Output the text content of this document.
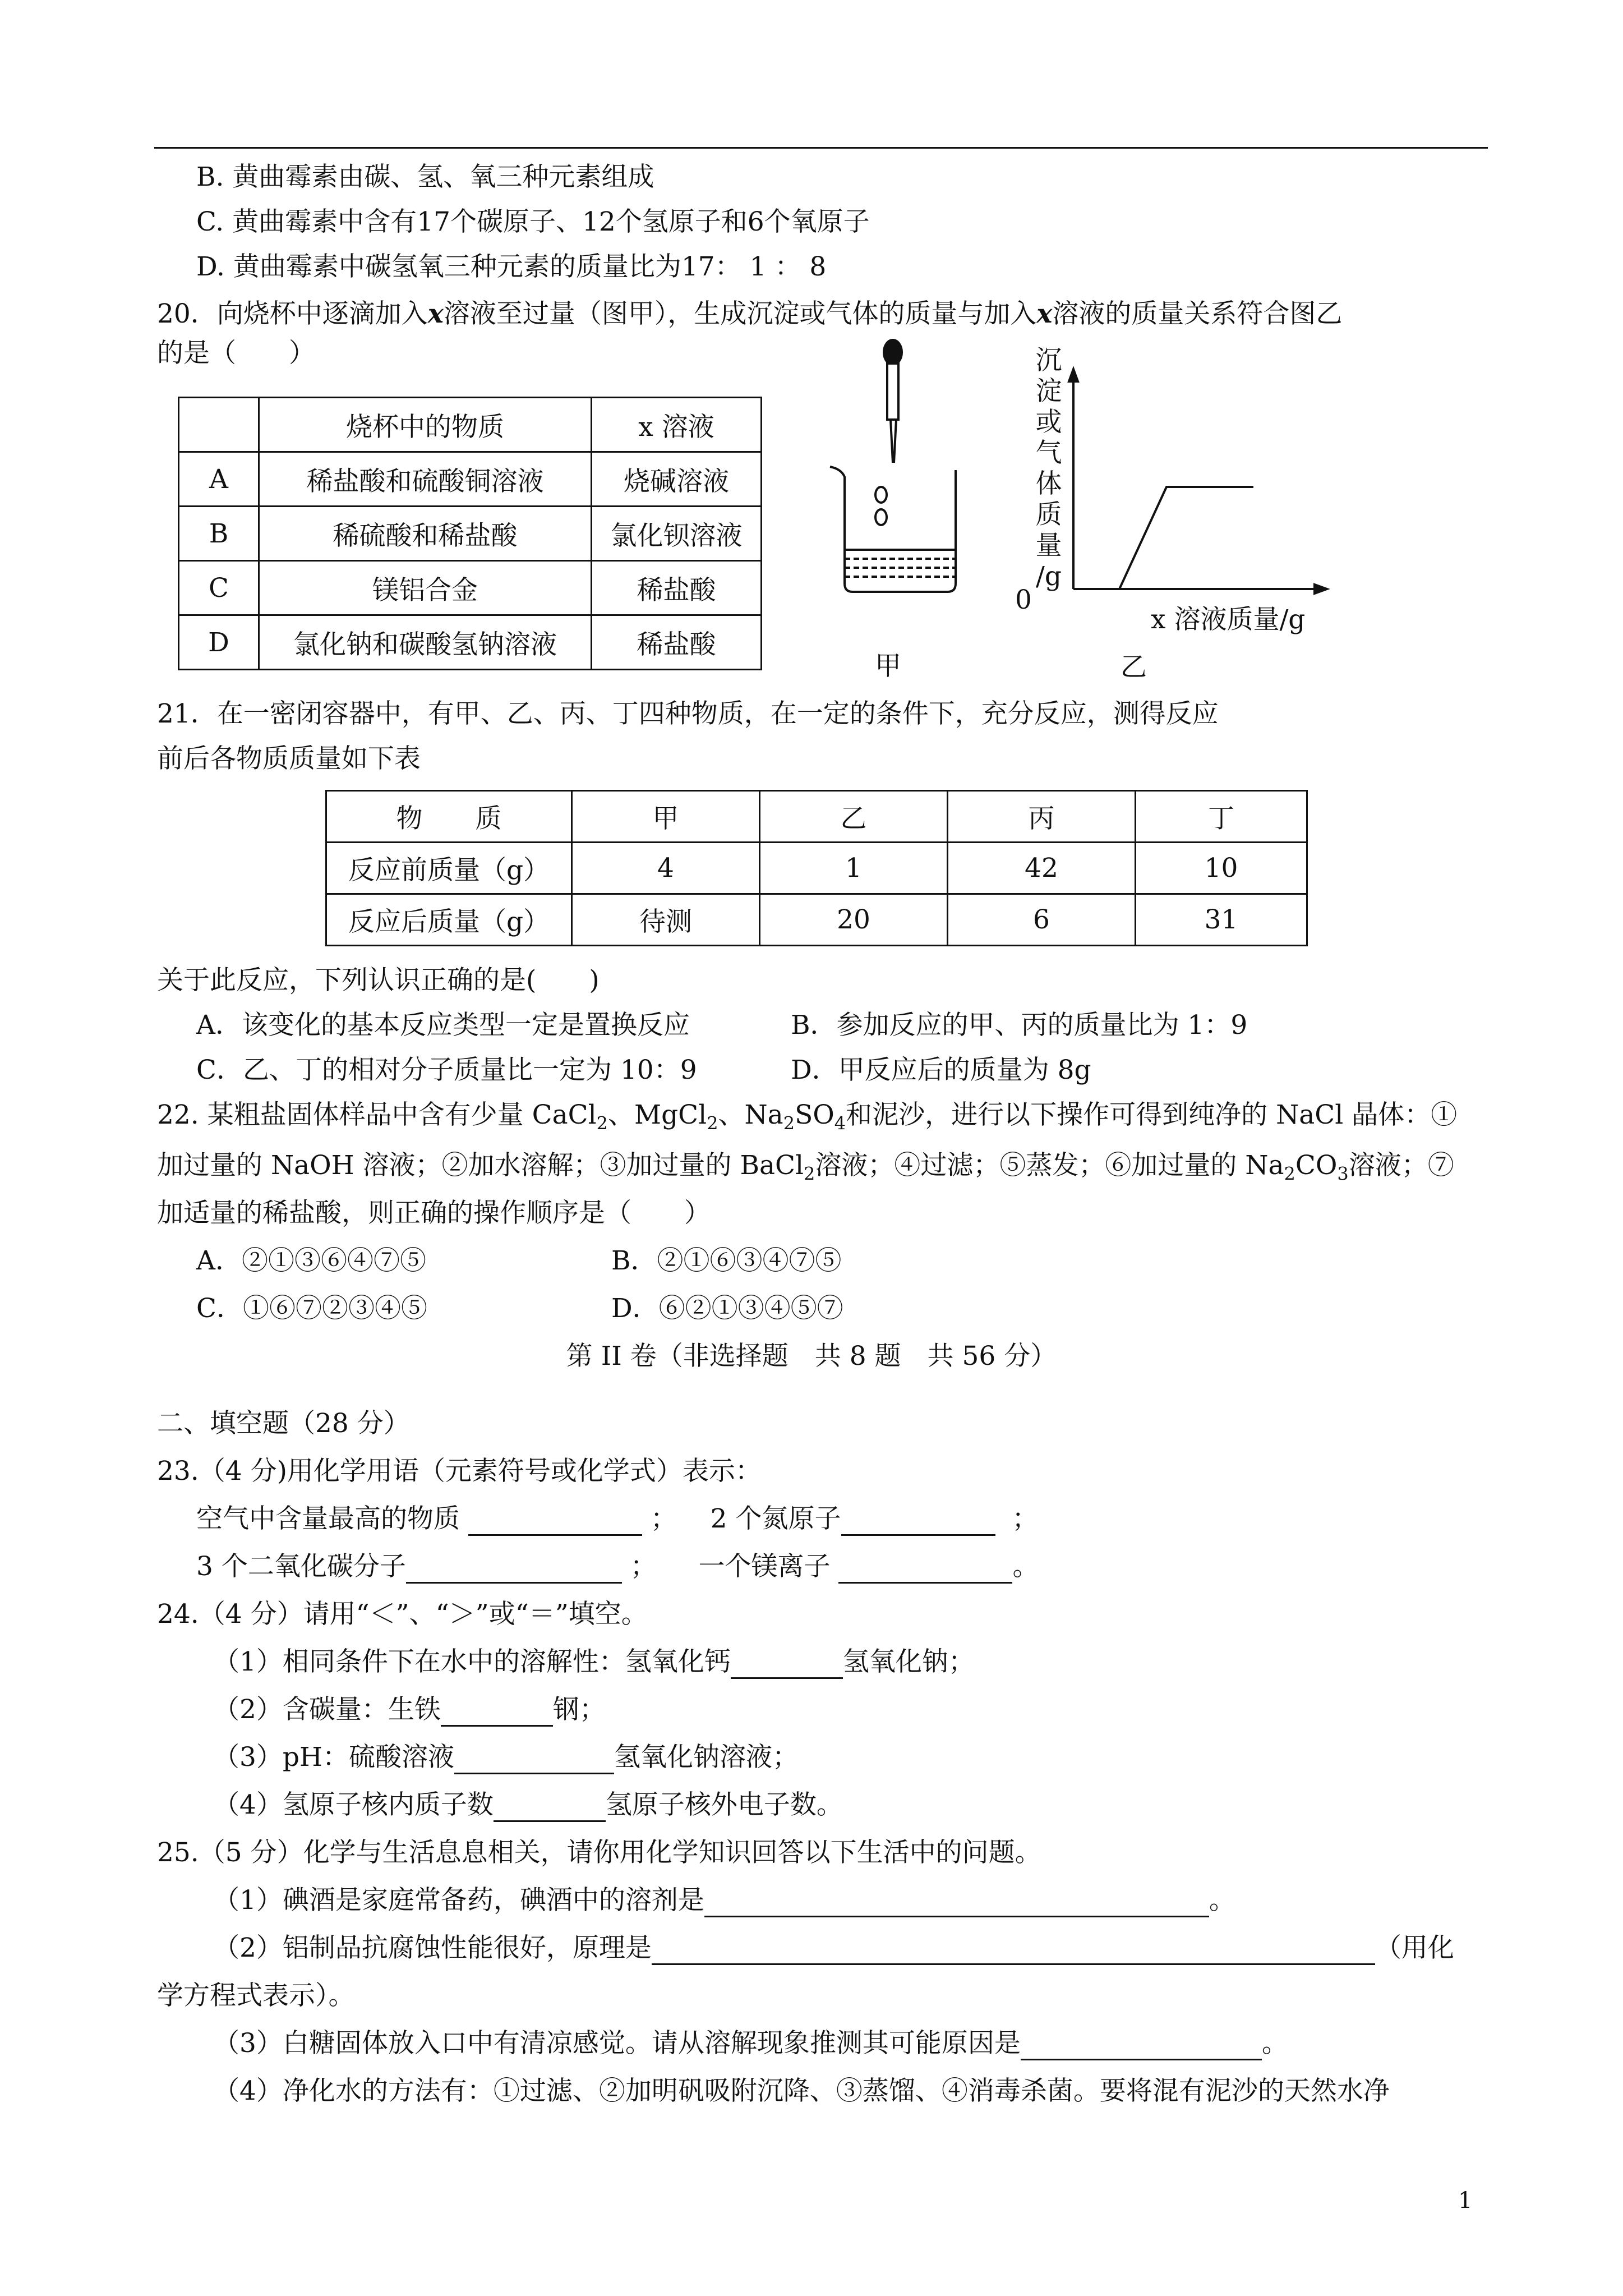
B. 黄曲霉素由碳、氢、氧三种元素组成
C. 黄曲霉素中含有17个碳原子、12个氢原子和6个氧原子
D. 黄曲霉素中碳氢氧三种元素的质量比为17： 1 ： 8
20．向烧杯中逐滴加入x溶液至过量（图甲），生成沉淀或气体的质量与加入x溶液的质量关系符合图乙
的是（　　）
	烧杯中的物质	x 溶液
A	稀盐酸和硫酸铜溶液	烧碱溶液
B	稀硫酸和稀盐酸	氯化钡溶液
C	镁铝合金	稀盐酸
D	氯化钠和碳酸氢钠溶液	稀盐酸
甲
沉
淀
或
气
体
质
量
/g
0
x 溶液质量/g
乙
21．在一密闭容器中，有甲、乙、丙、丁四种物质，在一定的条件下，充分反应，测得反应
前后各物质质量如下表
物　　质	甲	乙	丙	丁
反应前质量（g）	4	1	42	10
反应后质量（g）	待测	20	6	31
关于此反应，下列认识正确的是(　　)
A．该变化的基本反应类型一定是置换反应	B．参加反应的甲、丙的质量比为 1：9
C．乙、丁的相对分子质量比一定为 10：9	D．甲反应后的质量为 8g
22. 某粗盐固体样品中含有少量 CaCl$_2$、MgCl$_2$、$Na_2SO_4$和泥沙，进行以下操作可得到纯净的 NaCl 晶体：①
加过量的 NaOH 溶液；②加水溶解；③加过量的 BaCl$_2$溶液；④过滤；⑤蒸发；⑥加过量的 $Na_2CO_3$溶液；⑦
加适量的稀盐酸，则正确的操作顺序是（　　）
A．②①③⑥④⑦⑤	B．②①⑥③④⑦⑤
C．①⑥⑦②③④⑤	D．⑥②①③④⑤⑦
第 II 卷（非选择题　共 8 题　共 56 分）
二、填空题（28 分）
23.（4 分)用化学用语（元素符号或化学式）表示：
空气中含量最高的物质	； 2 个氮原子	；
3 个二氧化碳分子	； 一个镁离子	。
24.（4 分）请用“＜”、“＞”或“＝”填空。
（1）相同条件下在水中的溶解性：氢氧化钙	氢氧化钠；
（2）含碳量：生铁	钢；
（3）pH：硫酸溶液	氢氧化钠溶液；
（4）氢原子核内质子数	氢原子核外电子数。
25.（5 分）化学与生活息息相关，请你用化学知识回答以下生活中的问题。
（1）碘酒是家庭常备药，碘酒中的溶剂是	。
（2）铝制品抗腐蚀性能很好，原理是	（用化
学方程式表示）。
（3）白糖固体放入口中有清凉感觉。请从溶解现象推测其可能原因是	。
（4）净化水的方法有：①过滤、②加明矾吸附沉降、③蒸馏、④消毒杀菌。要将混有泥沙的天然水净
1
